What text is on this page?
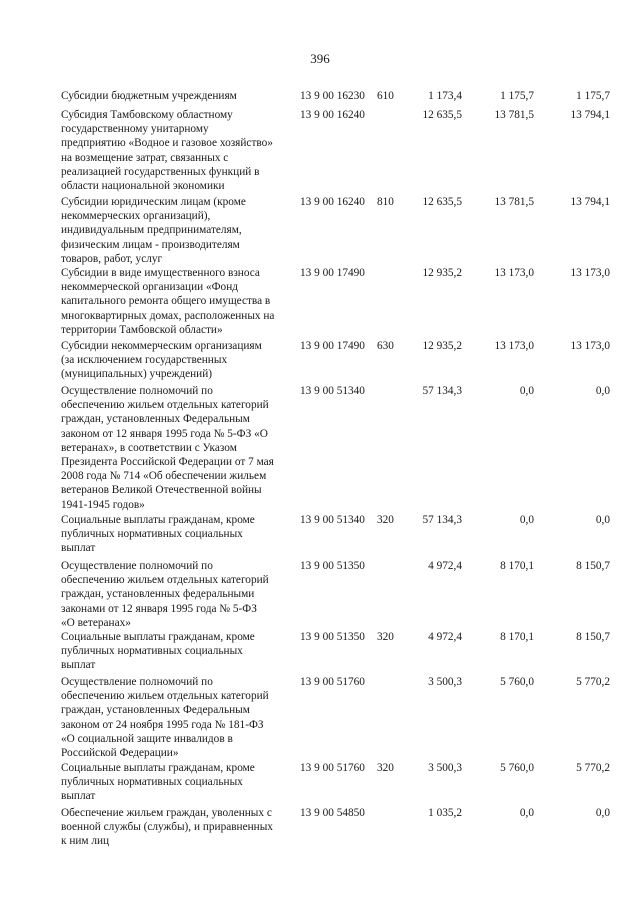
396
Субсидии бюджетным учреждениям	13 9 00 16230 610	1 173,4	1 175,7	1 175,7
Субсидия Тамбовскому областному
государственному унитарному
предприятию «Водное и газовое хозяйство»
на возмещение затрат, связанных с
реализацией государственных функций в
области национальной экономики
13 9 00 16240	12 635,5	13 781,5	13 794,1
Субсидии юридическим лицам (кроме
некоммерческих организаций),
индивидуальным предпринимателям,
физическим лицам - производителям
товаров, работ, услуг
13 9 00 16240 810	12 635,5	13 781,5	13 794,1
Субсидии в виде имущественного взноса
некоммерческой организации «Фонд
капитального ремонта общего имущества в
многоквартирных домах, расположенных на
территории Тамбовской области»
13 9 00 17490	12 935,2	13 173,0	13 173,0
Субсидии некоммерческим организациям
(за исключением государственных
(муниципальных) учреждений)
13 9 00 17490 630	12 935,2	13 173,0	13 173,0
Осуществление полномочий по
обеспечению жильем отдельных категорий
граждан, установленных Федеральным
законом от 12 января 1995 года № 5-ФЗ «О
ветеранах», в соответствии с Указом
Президента Российской Федерации от 7 мая
2008 года № 714 «Об обеспечении жильем
ветеранов Великой Отечественной войны
1941-1945 годов»
13 9 00 51340	57 134,3	0,0	0,0
Социальные выплаты гражданам, кроме
публичных нормативных социальных
выплат
13 9 00 51340 320	57 134,3	0,0	0,0
Осуществление полномочий по
обеспечению жильем отдельных категорий
граждан, установленных федеральными
законами от 12 января 1995 года № 5-ФЗ
«О ветеранах»
13 9 00 51350	4 972,4	8 170,1	8 150,7
Социальные выплаты гражданам, кроме
публичных нормативных социальных
выплат
13 9 00 51350 320	4 972,4	8 170,1	8 150,7
Осуществление полномочий по
обеспечению жильем отдельных категорий
граждан, установленных Федеральным
законом от 24 ноября 1995 года № 181-ФЗ
«О социальной защите инвалидов в
Российской Федерации»
13 9 00 51760	3 500,3	5 760,0	5 770,2
Социальные выплаты гражданам, кроме
публичных нормативных социальных
выплат
13 9 00 51760 320	3 500,3	5 760,0	5 770,2
Обеспечение жильем граждан, уволенных с
военной службы (службы), и приравненных
к ним лиц
13 9 00 54850	1 035,2	0,0	0,0
